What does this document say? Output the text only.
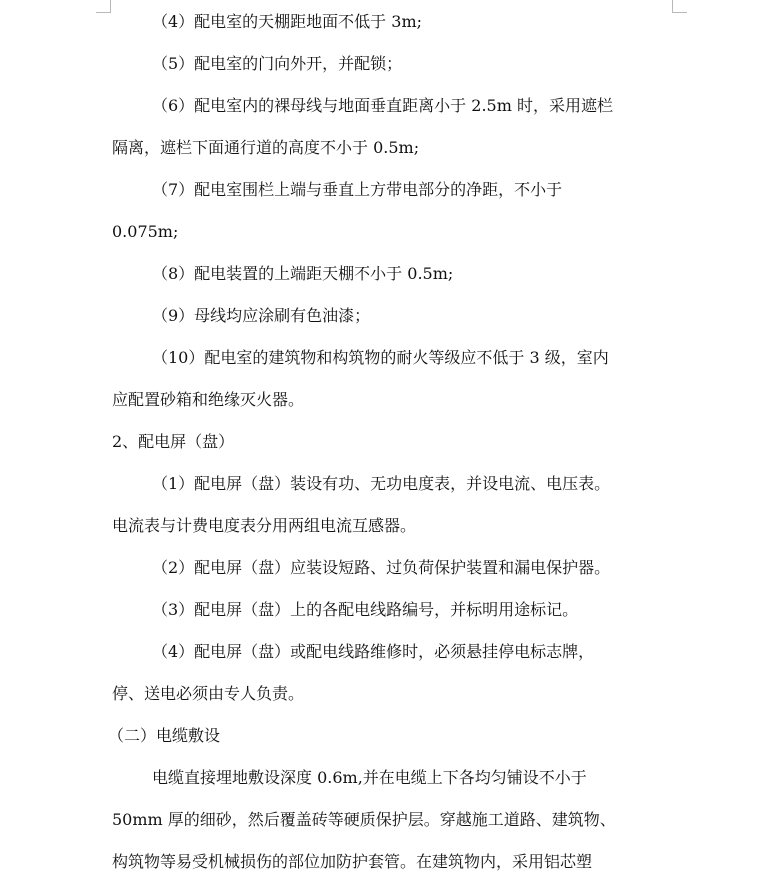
（4）配电室的天棚距地面不低于 3m;
（5）配电室的门向外开，并配锁；
（6）配电室内的裸母线与地面垂直距离小于 2.5m 时，采用遮栏
隔离，遮栏下面通行道的高度不小于 0.5m;
（7）配电室围栏上端与垂直上方带电部分的净距，不小于
0.075m;
（8）配电装置的上端距天棚不小于 0.5m;
（9）母线均应涂刷有色油漆；
（10）配电室的建筑物和构筑物的耐火等级应不低于 3 级，室内
应配置砂箱和绝缘灭火器。
2、配电屏（盘）
（1）配电屏（盘）装设有功、无功电度表，并设电流、电压表。
电流表与计费电度表分用两组电流互感器。
（2）配电屏（盘）应装设短路、过负荷保护装置和漏电保护器。
（3）配电屏（盘）上的各配电线路编号，并标明用途标记。
（4）配电屏（盘）或配电线路维修时，必须悬挂停电标志牌，
停、送电必须由专人负责。
（二）电缆敷设
电缆直接埋地敷设深度 0.6m,并在电缆上下各均匀铺设不小于
50mm 厚的细砂，然后覆盖砖等硬质保护层。穿越施工道路、建筑物、
构筑物等易受机械损伤的部位加防护套管。在建筑物内，采用铝芯塑
